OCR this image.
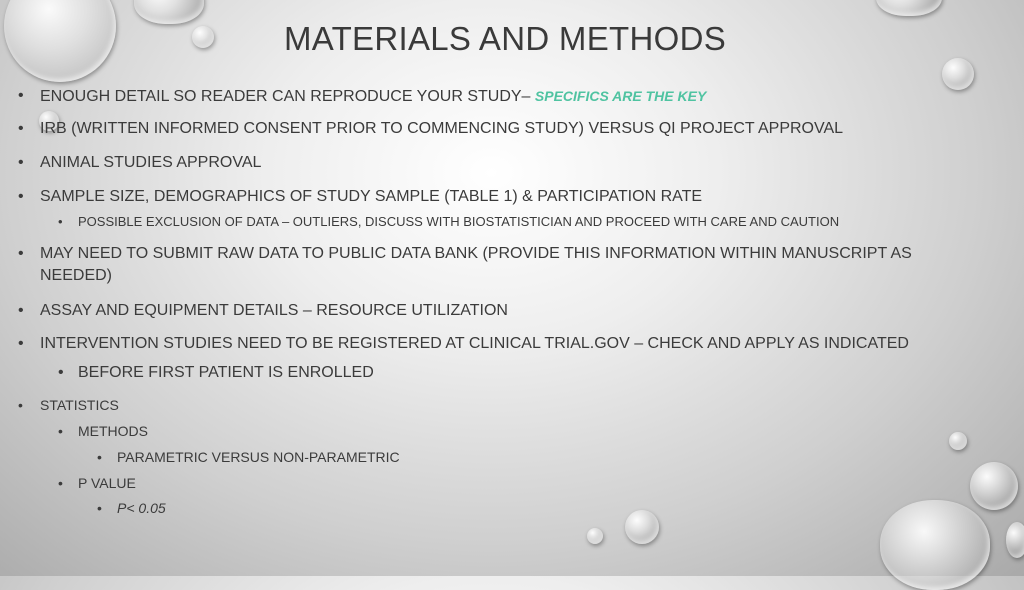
MATERIALS AND METHODS
• ENOUGH DETAIL SO READER CAN REPRODUCE YOUR STUDY– SPECIFICS ARE THE KEY
• IRB (WRITTEN INFORMED CONSENT PRIOR TO COMMENCING STUDY) VERSUS QI PROJECT APPROVAL
• ANIMAL STUDIES APPROVAL
• SAMPLE SIZE, DEMOGRAPHICS OF STUDY SAMPLE (TABLE 1) & PARTICIPATION RATE
• POSSIBLE EXCLUSION OF DATA – OUTLIERS, DISCUSS WITH BIOSTATISTICIAN AND PROCEED WITH CARE AND CAUTION
• MAY NEED TO SUBMIT RAW DATA TO PUBLIC DATA BANK (PROVIDE THIS INFORMATION WITHIN MANUSCRIPT AS NEEDED)
• ASSAY AND EQUIPMENT DETAILS – RESOURCE UTILIZATION
• INTERVENTION STUDIES NEED TO BE REGISTERED AT CLINICAL TRIAL.GOV – CHECK AND APPLY AS INDICATED
• BEFORE FIRST PATIENT IS ENROLLED
• STATISTICS
• METHODS
• PARAMETRIC VERSUS NON-PARAMETRIC
• P VALUE
• P< 0.05
